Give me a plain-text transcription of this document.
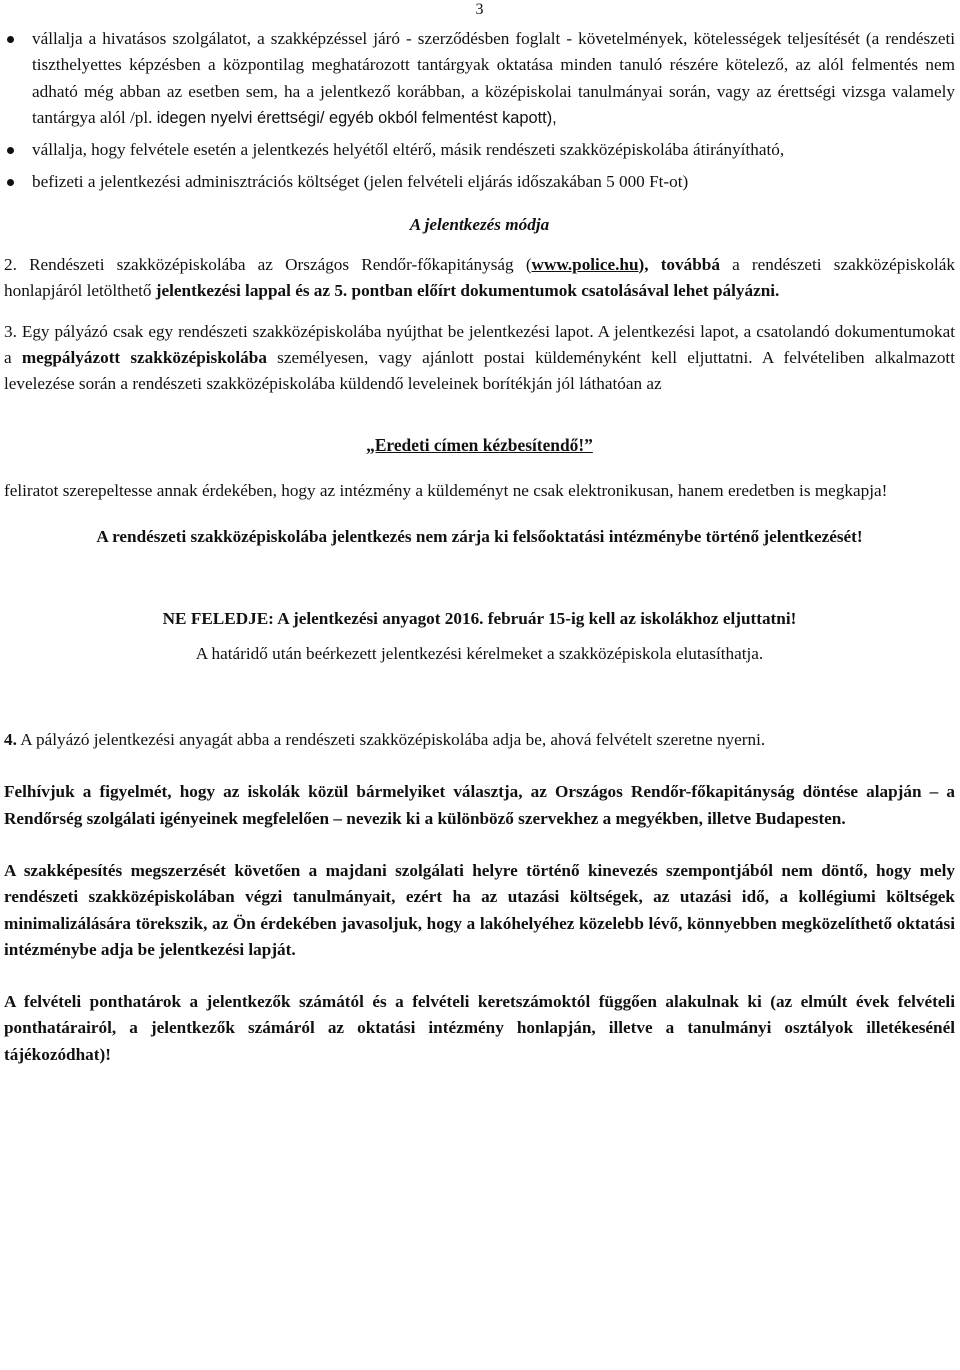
3
vállalja a hivatásos szolgálatot, a szakképzéssel járó - szerződésben foglalt - követelmények, kötelességek teljesítését (a rendészeti tiszthelyettes képzésben a központilag meghatározott tantárgyak oktatása minden tanuló részére kötelező, az alól felmentés nem adható még abban az esetben sem, ha a jelentkező korábban, a középiskolai tanulmányai során, vagy az érettségi vizsga valamely tantárgya alól /pl. idegen nyelvi érettségi/ egyéb okból felmentést kapott),
vállalja, hogy felvétele esetén a jelentkezés helyétől eltérő, másik rendészeti szakközépiskolába átirányítható,
befizeti a jelentkezési adminisztrációs költséget (jelen felvételi eljárás időszakában 5 000 Ft-ot)
A jelentkezés módja

2. Rendészeti szakközépiskolába az Országos Rendőr-főkapitányság (www.police.hu), továbbá a rendészeti szakközépiskolák honlapjáról letölthető jelentkezési lappal és az 5. pontban előírt dokumentumok csatolásával lehet pályázni.

3. Egy pályázó csak egy rendészeti szakközépiskolába nyújthat be jelentkezési lapot. A jelentkezési lapot, a csatolandó dokumentumokat a megpályázott szakközépiskolába személyesen, vagy ajánlott postai küldeményként kell eljuttatni. A felvételiben alkalmazott levelezése során a rendészeti szakközépiskolába küldendő leveleinek borítékján jól láthatóan az

„Eredeti címen kézbesítendő!”

feliratot szerepeltesse annak érdekében, hogy az intézmény a küldeményt ne csak elektronikusan, hanem eredetben is megkapja!

A rendészeti szakközépiskolába jelentkezés nem zárja ki felsőoktatási intézménybe történő jelentkezését!

NE FELEDJE: A jelentkezési anyagot 2016. február 15-ig kell az iskolákhoz eljuttatni!

A határidő után beérkezett jelentkezési kérelmeket a szakközépiskola elutasíthatja.

4. A pályázó jelentkezési anyagát abba a rendészeti szakközépiskolába adja be, ahová felvételt szeretne nyerni.

Felhívjuk a figyelmét, hogy az iskolák közül bármelyiket választja, az Országos Rendőr-főkapitányság döntése alapján – a Rendőrség szolgálati igényeinek megfelelően – nevezik ki a különböző szervekhez a megyékben, illetve Budapesten.

A szakképesítés megszerzését követően a majdani szolgálati helyre történő kinevezés szempontjából nem döntő, hogy mely rendészeti szakközépiskolában végzi tanulmányait, ezért ha az utazási költségek, az utazási idő, a kollégiumi költségek minimalizálására törekszik, az Ön érdekében javasoljuk, hogy a lakóhelyéhez közelebb lévő, könnyebben megközelíthető oktatási intézménybe adja be jelentkezési lapját.

A felvételi ponthatárok a jelentkezők számától és a felvételi keretszámoktól függően alakulnak ki (az elmúlt évek felvételi ponthatárairól, a jelentkezők számáról az oktatási intézmény honlapján, illetve a tanulmányi osztályok illetékesénél tájékozódhat)!
